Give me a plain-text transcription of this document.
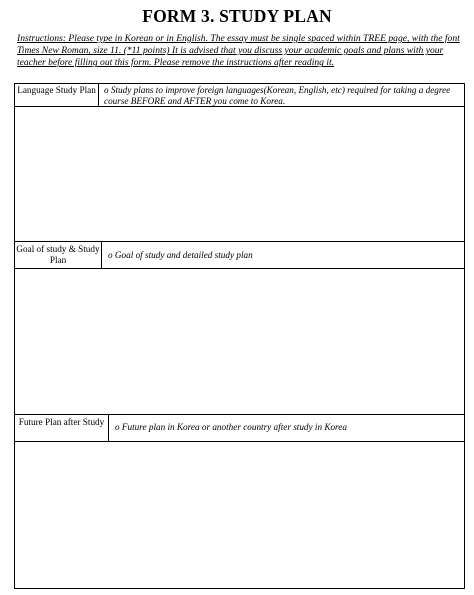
FORM 3. STUDY PLAN
Instructions: Please type in Korean or in English. The essay must be single spaced within TREE page, with the font Times New Roman, size 11. (*11 points) It is advised that you discuss your academic goals and plans with your teacher before filling out this form. Please remove the instructions after reading it.
Language Study Plan o Study plans to improve foreign languages(Korean, English, etc) required for taking a degree course BEFORE and AFTER you come to Korea.
Goal of study & Study Plan	o Goal of study and detailed study plan
Future Plan after Study	o Future plan in Korea or another country after study in Korea
